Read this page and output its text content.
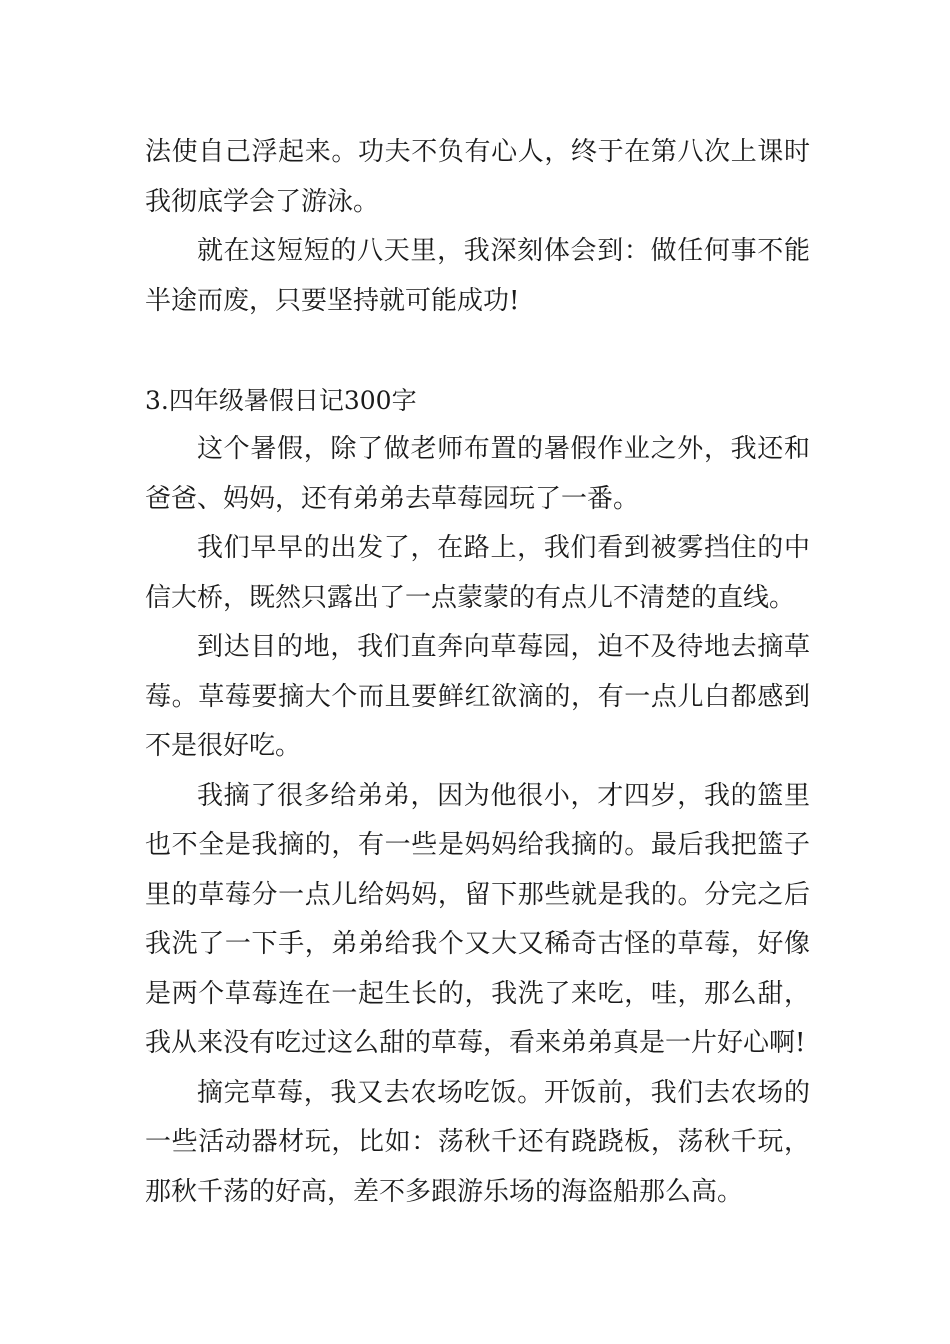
法使自己浮起来。功夫不负有心人，终于在第八次上课时我彻底学会了游泳。

就在这短短的八天里，我深刻体会到：做任何事不能半途而废，只要坚持就可能成功!

3.四年级暑假日记300字

这个暑假，除了做老师布置的暑假作业之外，我还和爸爸、妈妈，还有弟弟去草莓园玩了一番。

我们早早的出发了，在路上，我们看到被雾挡住的中信大桥，既然只露出了一点蒙蒙的有点儿不清楚的直线。

到达目的地，我们直奔向草莓园，迫不及待地去摘草莓。草莓要摘大个而且要鲜红欲滴的，有一点儿白都感到不是很好吃。

我摘了很多给弟弟，因为他很小，才四岁，我的篮里也不全是我摘的，有一些是妈妈给我摘的。最后我把篮子里的草莓分一点儿给妈妈，留下那些就是我的。分完之后我洗了一下手，弟弟给我个又大又稀奇古怪的草莓，好像是两个草莓连在一起生长的，我洗了来吃，哇，那么甜，我从来没有吃过这么甜的草莓，看来弟弟真是一片好心啊!

摘完草莓，我又去农场吃饭。开饭前，我们去农场的一些活动器材玩，比如：荡秋千还有跷跷板，荡秋千玩，那秋千荡的好高，差不多跟游乐场的海盗船那么高。
